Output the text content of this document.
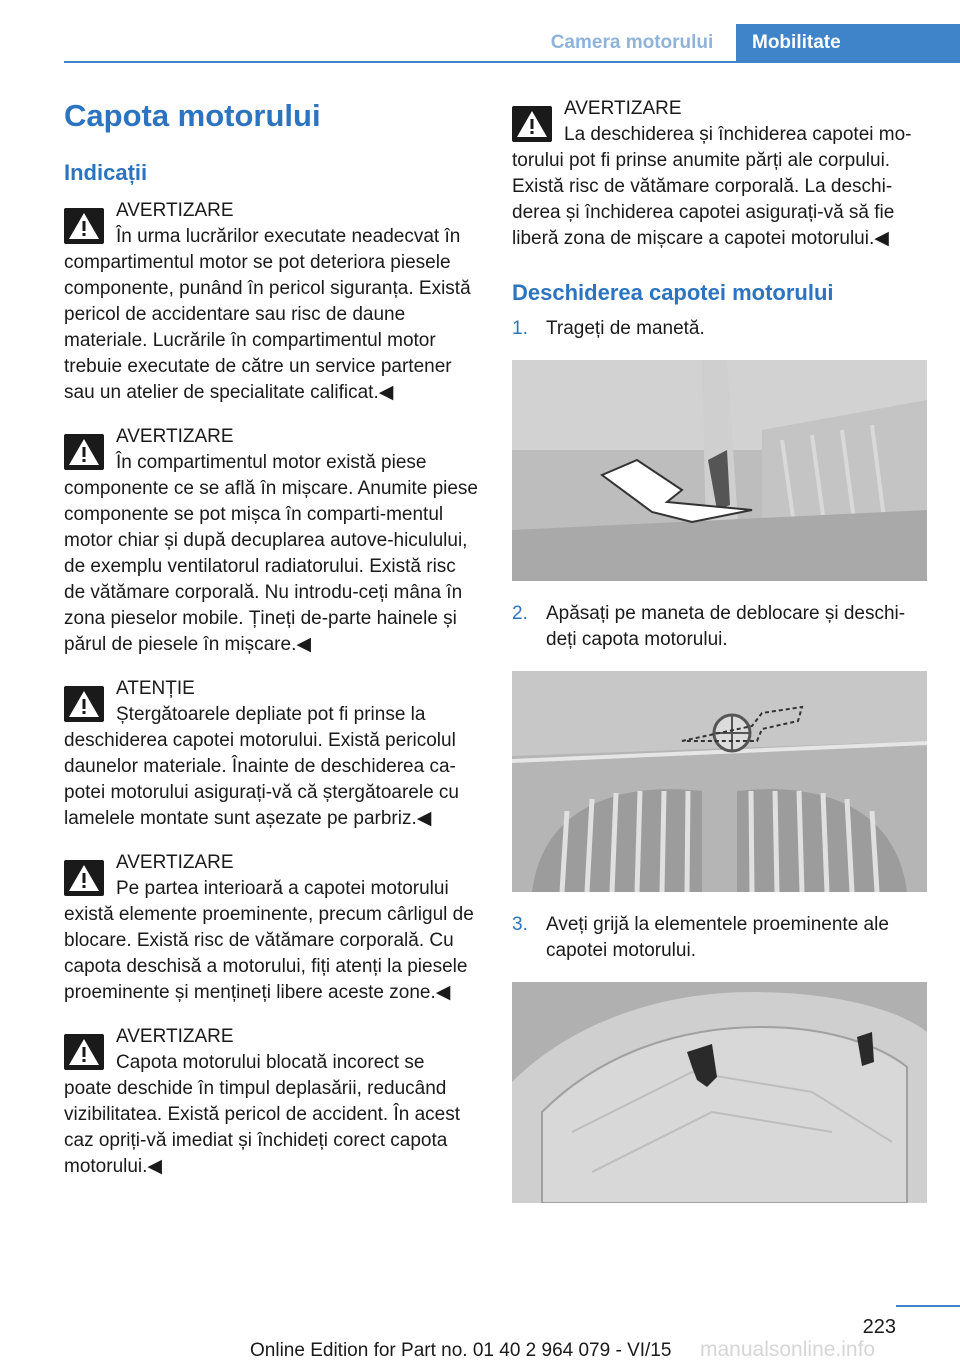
Camera motorului	Mobilitate
Capota motorului
Indicații
AVERTIZARE
În urma lucrărilor executate neadecvat în
compartimentul motor se pot deteriora piesele componente, punând în pericol siguranța. Există pericol de accidentare sau risc de daune materiale. Lucrările în compartimentul motor trebuie executate de către un service partener sau un atelier de specialitate calificat.◀
AVERTIZARE
În compartimentul motor există piese
componente ce se află în mișcare. Anumite piese componente se pot mișca în comparti‐mentul motor chiar și după decuplarea autove‐hiculului, de exemplu ventilatorul radiatorului. Există risc de vătămare corporală. Nu introdu‐ceți mâna în zona pieselor mobile. Țineți de‐parte hainele și părul de piesele în mișcare.◀
ATENȚIE
Ștergătoarele depliate pot fi prinse la
deschiderea capotei motorului. Există pericolul daunelor materiale. Înainte de deschiderea ca‐potei motorului asigurați-vă că ștergătoarele cu lamelele montate sunt așezate pe parbriz.◀
AVERTIZARE
Pe partea interioară a capotei motorului
există elemente proeminente, precum cârligul de blocare. Există risc de vătămare corporală. Cu capota deschisă a motorului, fiți atenți la piesele proeminente și mențineți libere aceste zone.◀
AVERTIZARE
Capota motorului blocată incorect se
poate deschide în timpul deplasării, reducând vizibilitatea. Există pericol de accident. În acest caz opriți-vă imediat și închideți corect capota motorului.◀
AVERTIZARE
La deschiderea și închiderea capotei mo‐
torului pot fi prinse anumite părți ale corpului. Există risc de vătămare corporală. La deschi‐derea și închiderea capotei asigurați-vă să fie liberă zona de mișcare a capotei motorului.◀
Deschiderea capotei motorului
1. Trageți de manetă.
2. Apăsați pe maneta de deblocare și deschi‐deți capota motorului.
3. Aveți grijă la elementele proeminente ale capotei motorului.
223
Online Edition for Part no. 01 40 2 964 079 - VI/15 manualsonline.info
